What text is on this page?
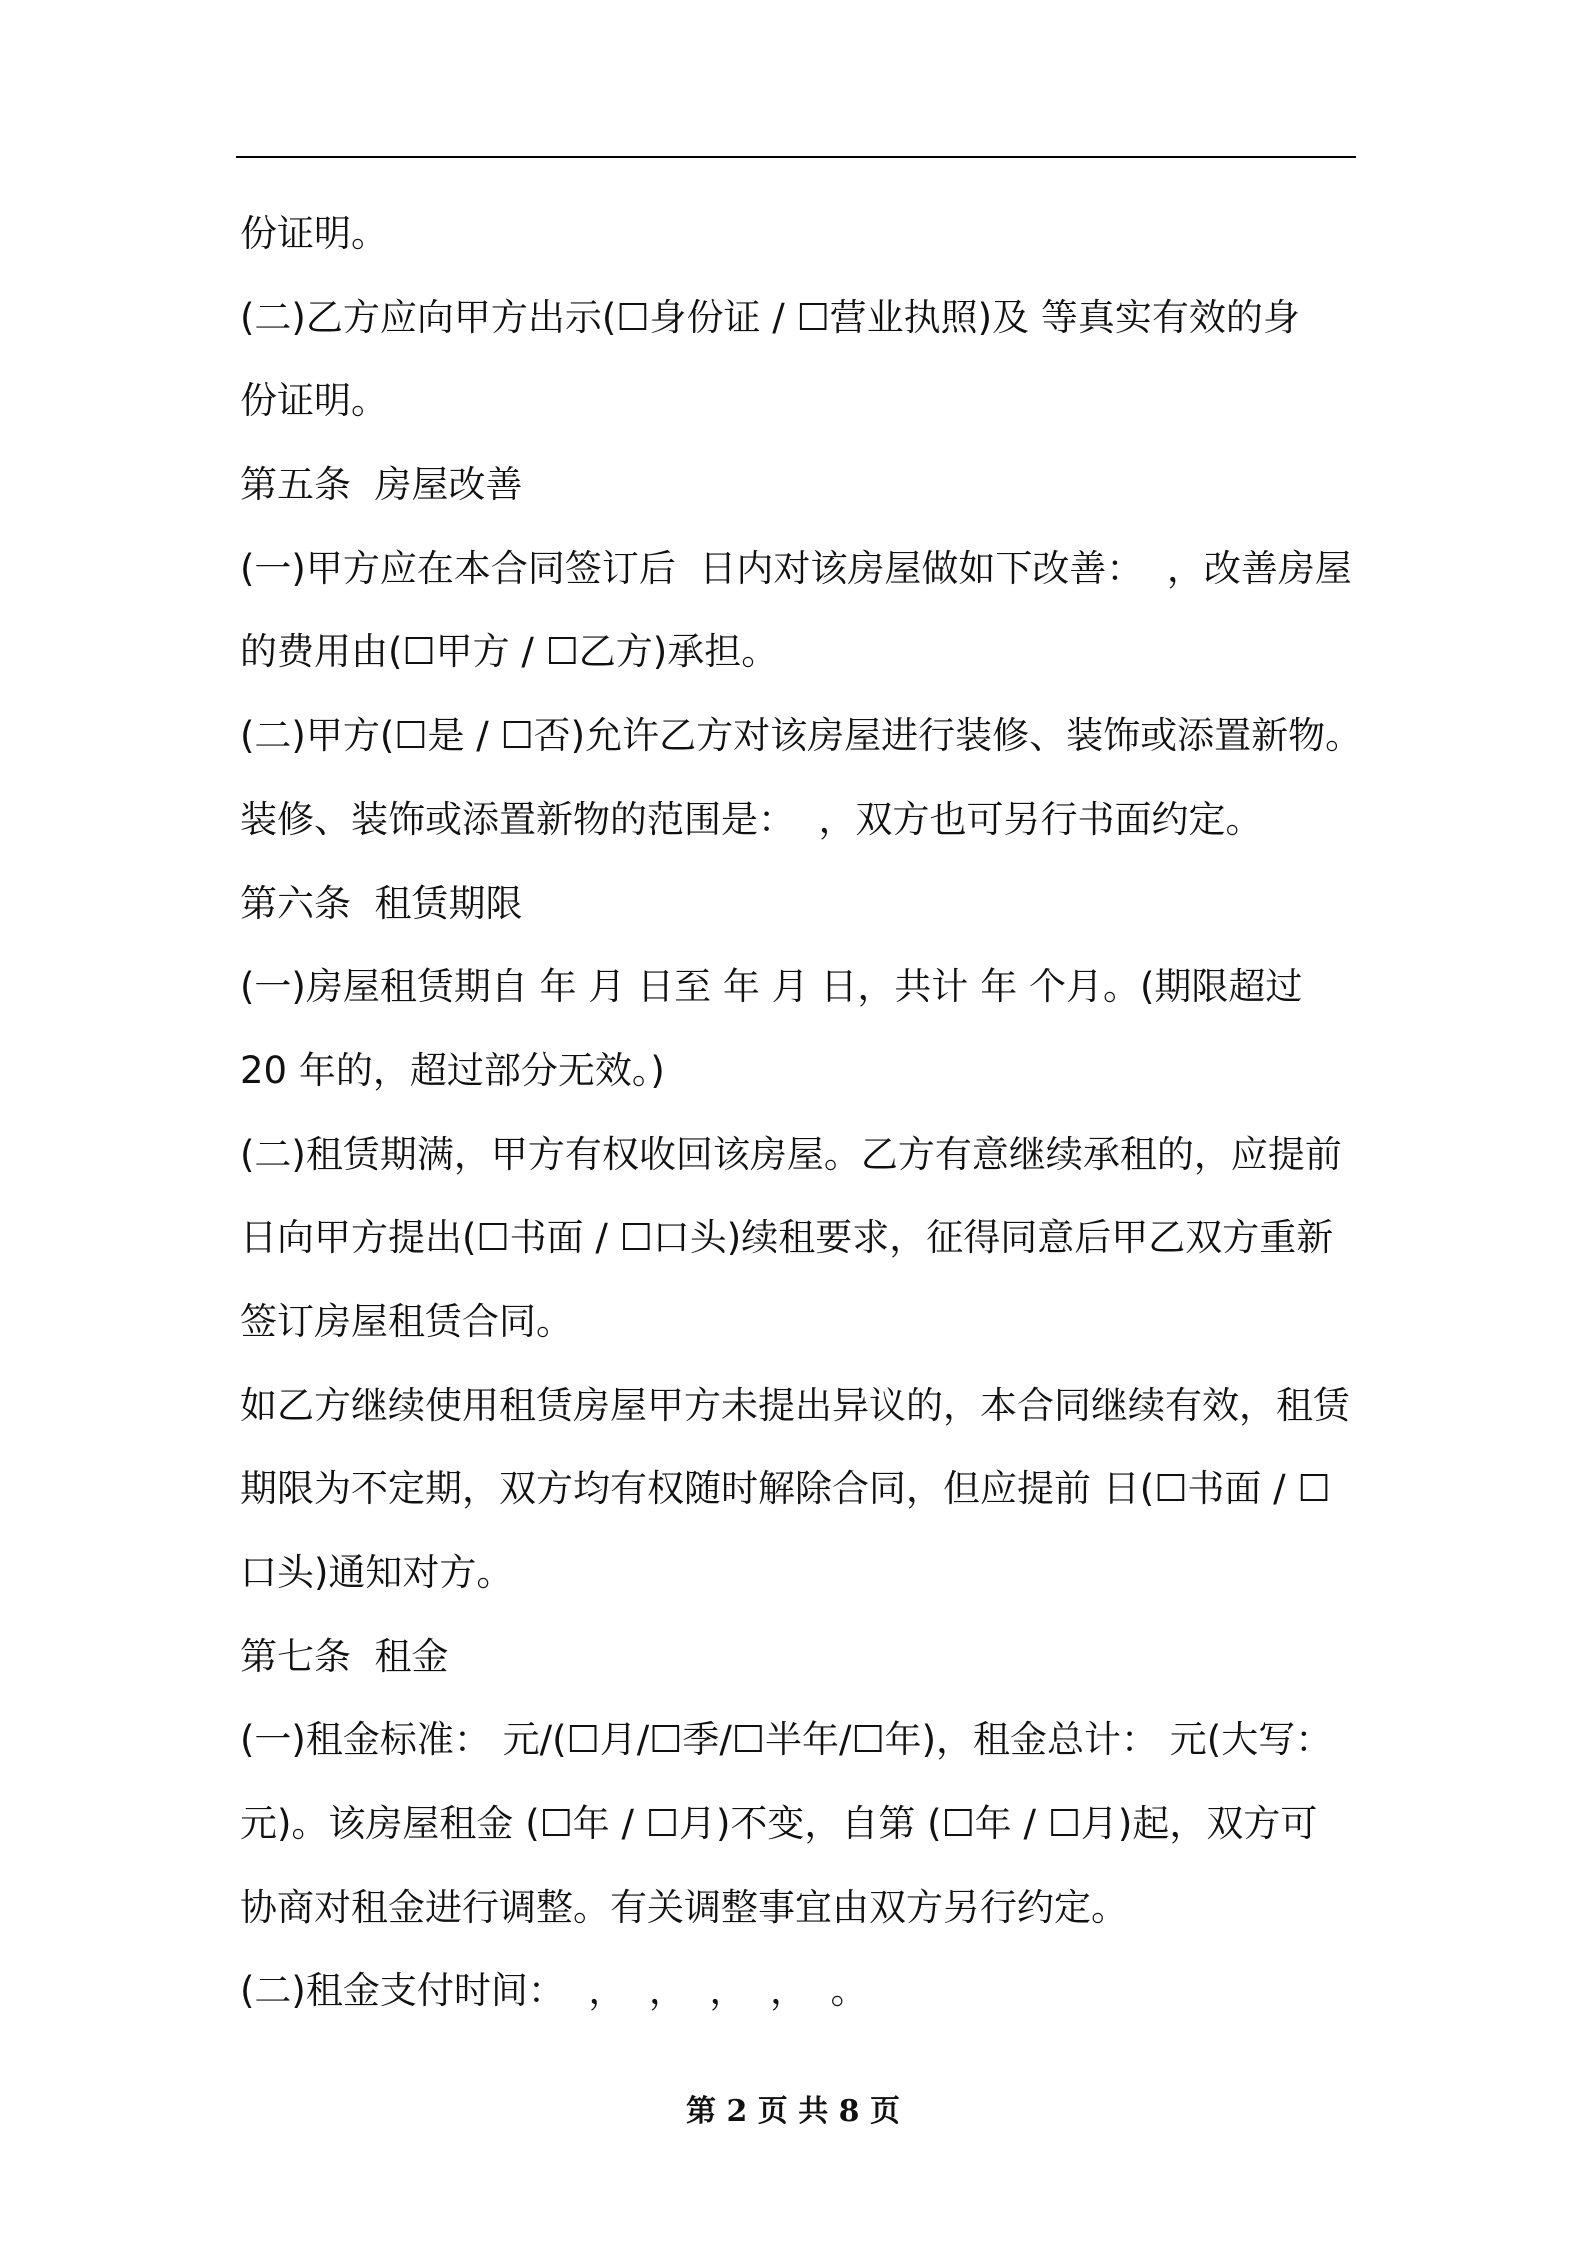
份证明。
(二)乙方应向甲方出示(☐身份证 / ☐营业执照)及 等真实有效的身
份证明。
第五条  房屋改善
(一)甲方应在本合同签订后  日内对该房屋做如下改善：  ，改善房屋
的费用由(☐甲方 / ☐乙方)承担。
(二)甲方(☐是 / ☐否)允许乙方对该房屋进行装修、装饰或添置新物。
装修、装饰或添置新物的范围是：  ，双方也可另行书面约定。
第六条  租赁期限
(一)房屋租赁期自 年 月 日至 年 月 日，共计 年 个月。(期限超过
20 年的，超过部分无效。)
(二)租赁期满，甲方有权收回该房屋。乙方有意继续承租的，应提前
日向甲方提出(☐书面 / ☐口头)续租要求，征得同意后甲乙双方重新
签订房屋租赁合同。
如乙方继续使用租赁房屋甲方未提出异议的，本合同继续有效，租赁
期限为不定期，双方均有权随时解除合同，但应提前 日(☐书面 / ☐
口头)通知对方。
第七条  租金
(一)租金标准： 元/(☐月/☐季/☐半年/☐年)，租金总计： 元(大写：
元)。该房屋租金 (☐年 / ☐月)不变，自第 (☐年 / ☐月)起，双方可
协商对租金进行调整。有关调整事宜由双方另行约定。
(二)租金支付时间：  ，  ，  ，  ，  。
第 2 页 共 8 页
